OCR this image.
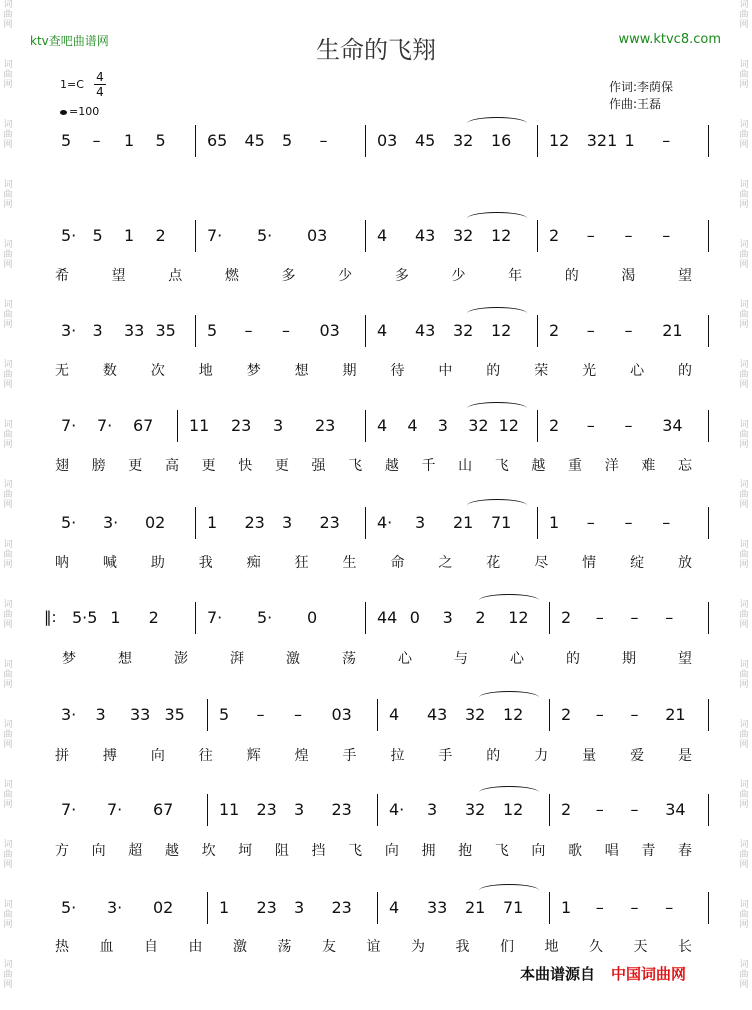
词
曲
网
词
曲
网
词
曲
网
词
曲
网
词
曲
网
词
曲
网
词
曲
网
词
曲
网
词
曲
网
词
曲
网
词
曲
网
词
曲
网
词
曲
网
词
曲
网
词
曲
网
词
曲
网
词
曲
网
词
曲
网
词
曲
网
词
曲
网
词
曲
网
词
曲
网
词
曲
网
词
曲
网
词
曲
网
词
曲
网
词
曲
网
词
曲
网
词
曲
网
词
曲
网
词
曲
网
词
曲
网
词
曲
网
词
曲
网
ktv查吧曲谱网	生命的飞翔	www.ktvc8.com
$1=C \frac{4}{4}$
=100
作词:李荫保
作曲:王磊
5 – 1 5	65 45 5 –	03 45 32 16 12 321 1 –
5· 5 1 2	7· 5· 03	4 43 32 12 2 – – –
希	望	点	燃	多	少	多	少	年	的	渴	望
3· 3 33 35 5 – – 03 4 43 32 12 2 – – 21
无 数 次 地 梦 想 期 待 中 的 荣 光 心 的
7· 7· 67 11 23 3 23	4 4 3 32 12 2 – – 34
翅 膀 更 高 更 快 更 强 飞 越 千 山 飞 越 重 洋 难 忘
5· 3· 02	1 23 3 23 4· 3 21 71 1 – – –
呐 喊 助 我 痴 狂 生 命 之 花 尽 情 绽 放
‖: 5·5 1 2	7· 5· 0	44 0 3 2 12 2 – – –
梦	想	澎	湃	激	荡	心	与	心	的	期	望
3· 3 33 35 5 – – 03 4 43 32 12 2 – – 21
拼 搏 向 往 辉 煌 手 拉 手 的 力 量 爱 是
7· 7· 67	11 23 3 23 4· 3 32 12 2 – – 34
方 向 超 越 坎 坷 阻 挡 飞 向 拥 抱 飞 向 歌 唱 青 春
5· 3· 02	1 23 3 23 4 33 21 71 1 – – –
热 血 自 由 激 荡 友 谊 为 我 们 地 久 天 长
本曲谱源自 中国词曲网
